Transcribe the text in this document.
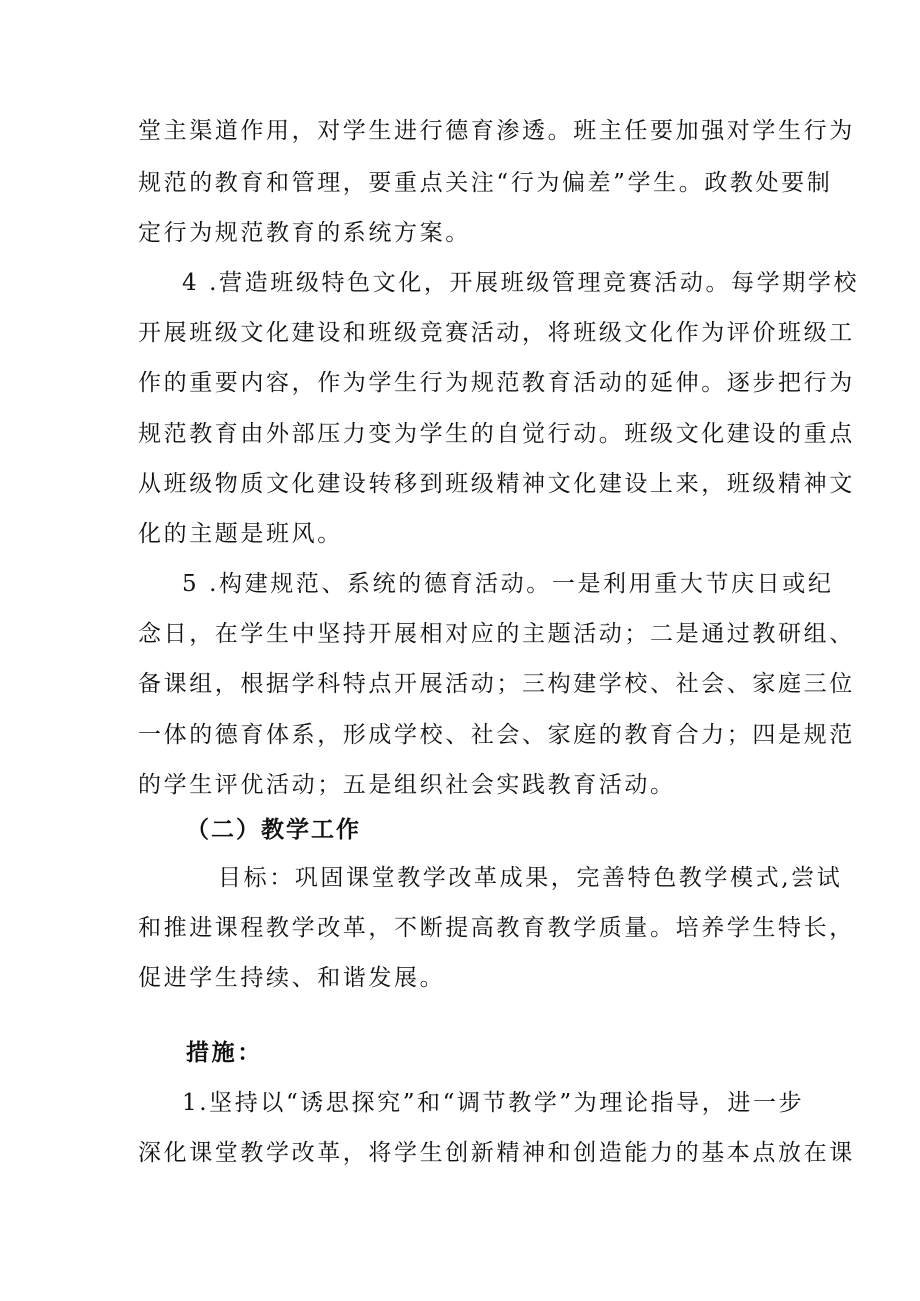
堂主渠道作用，对学生进行德育渗透。班主任要加强对学生行为
规范的教育和管理，要重点关注“行为偏差”学生。政教处要制
定行为规范教育的系统方案。
4 .营造班级特色文化，开展班级管理竞赛活动。每学期学校
开展班级文化建设和班级竞赛活动，将班级文化作为评价班级工
作的重要内容，作为学生行为规范教育活动的延伸。逐步把行为
规范教育由外部压力变为学生的自觉行动。班级文化建设的重点
从班级物质文化建设转移到班级精神文化建设上来，班级精神文
化的主题是班风。
5 .构建规范、系统的德育活动。一是利用重大节庆日或纪
念日，在学生中坚持开展相对应的主题活动；二是通过教研组、
备课组，根据学科特点开展活动；三构建学校、社会、家庭三位
一体的德育体系，形成学校、社会、家庭的教育合力；四是规范
的学生评优活动；五是组织社会实践教育活动。
（二）教学工作
目标：巩固课堂教学改革成果，完善特色教学模式,尝试
和推进课程教学改革，不断提高教育教学质量。培养学生特长，
促进学生持续、和谐发展。
措施：
1.坚持以“诱思探究”和“调节教学”为理论指导，进一步
深化课堂教学改革，将学生创新精神和创造能力的基本点放在课
